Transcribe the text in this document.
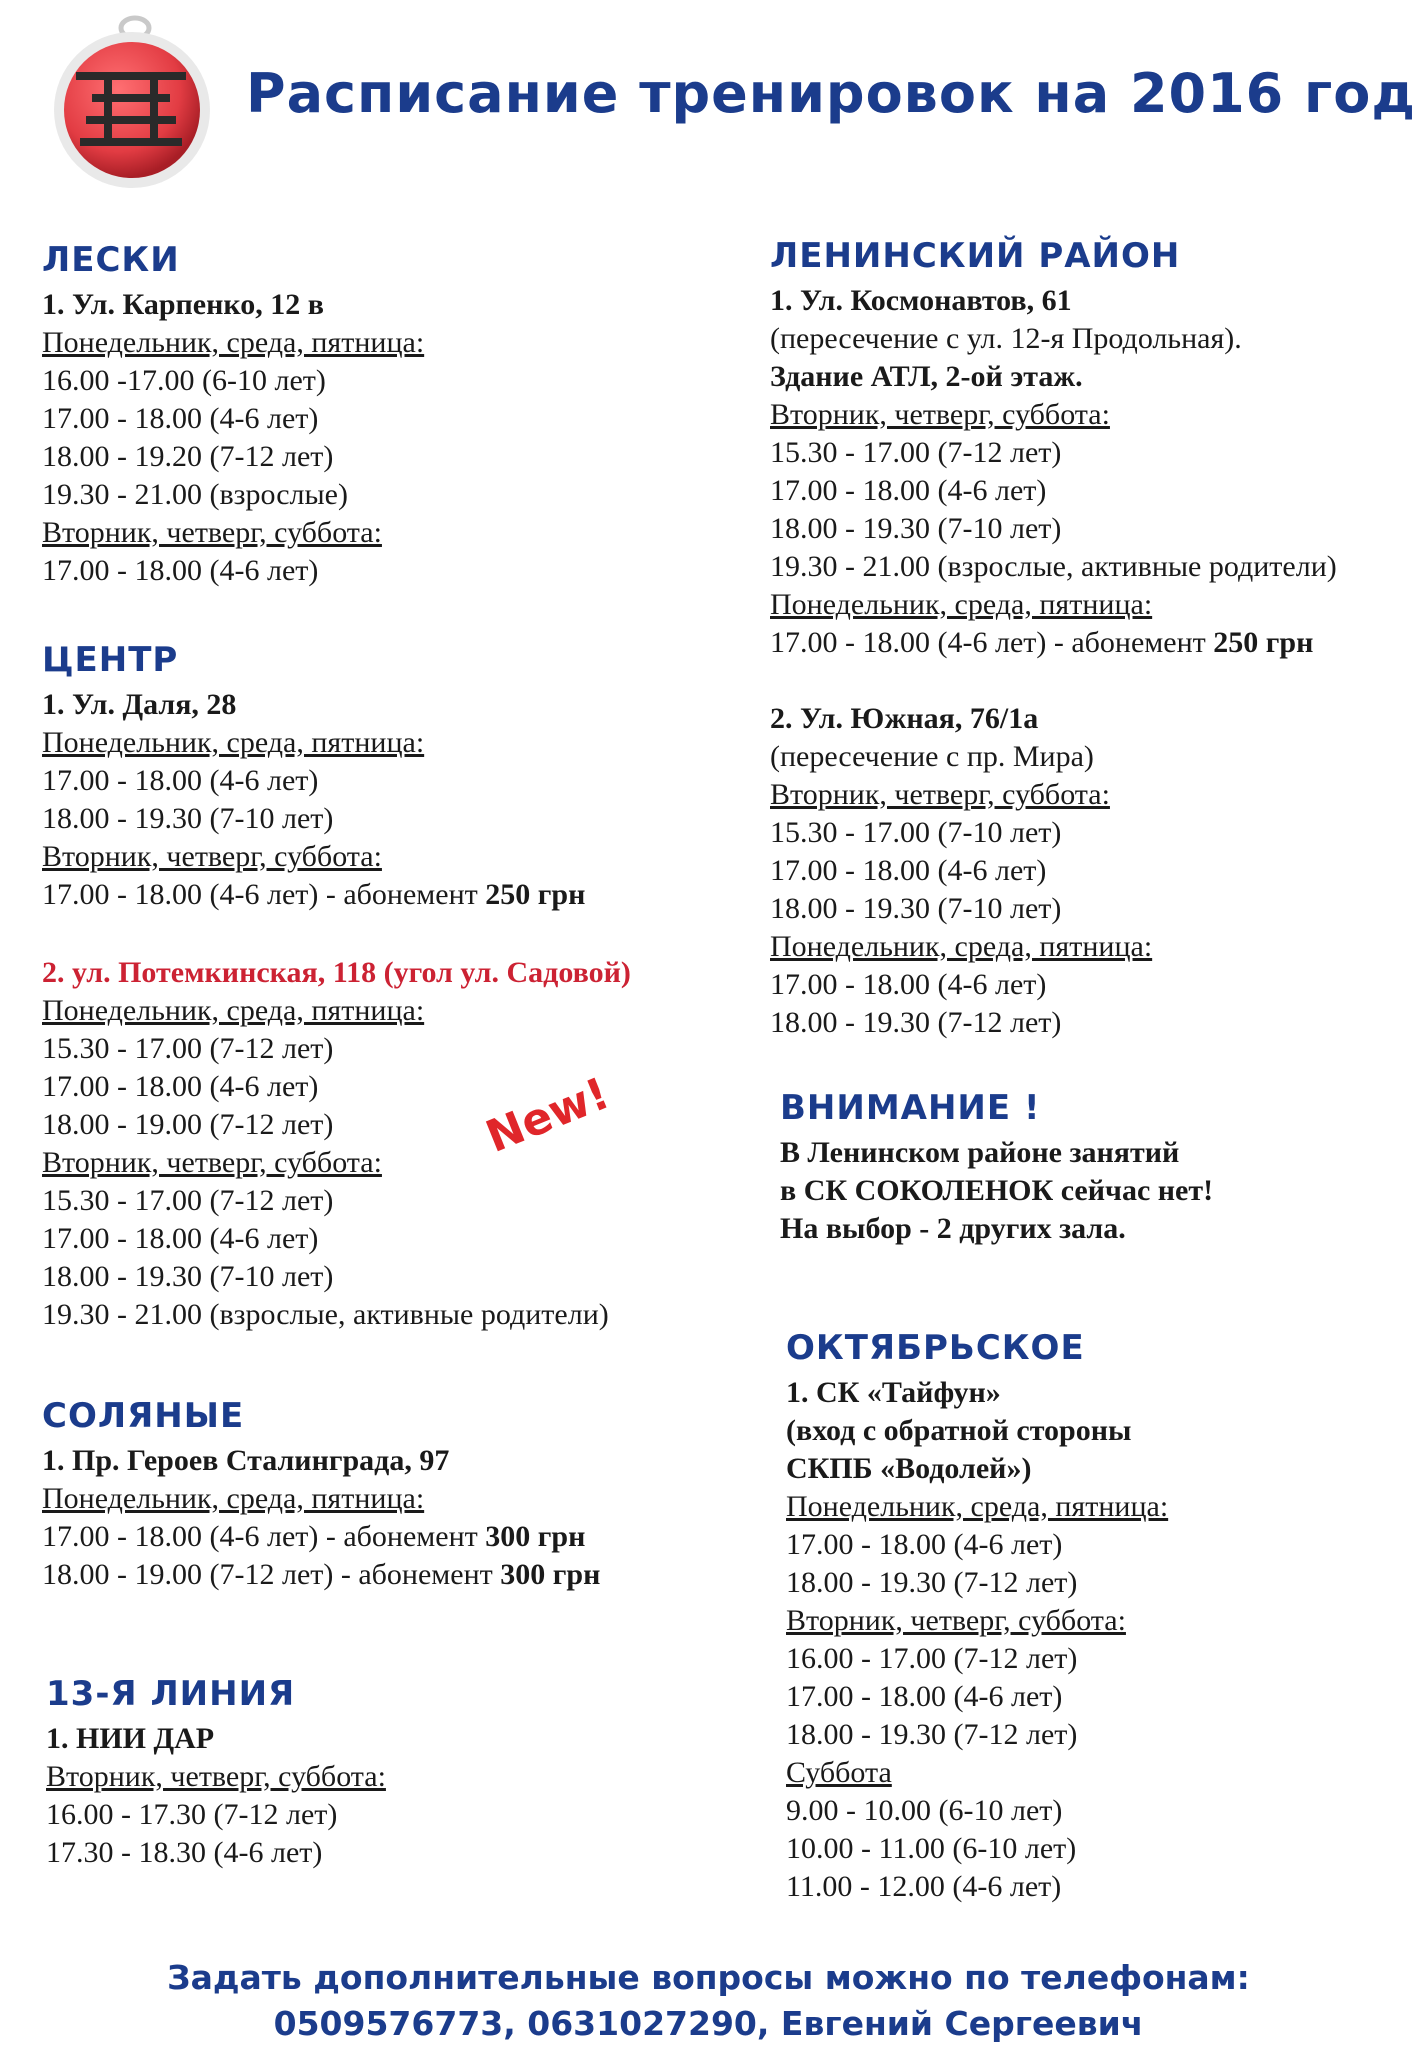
Расписание тренировок на 2016 год
ЛЕСКИ
1. Ул. Карпенко, 12 в
Понедельник, среда, пятница:
16.00 -17.00 (6-10 лет)
17.00 - 18.00 (4-6 лет)
18.00 - 19.20 (7-12 лет)
19.30 - 21.00 (взрослые)
Вторник, четверг, суббота:
17.00 - 18.00 (4-6 лет)
ЦЕНТР
1. Ул. Даля, 28
Понедельник, среда, пятница:
17.00 - 18.00 (4-6 лет)
18.00 - 19.30 (7-10 лет)
Вторник, четверг, суббота:
17.00 - 18.00 (4-6 лет) - абонемент 250 грн
2. ул. Потемкинская, 118 (угол ул. Садовой)
Понедельник, среда, пятница:
15.30 - 17.00 (7-12 лет)
17.00 - 18.00 (4-6 лет)
18.00 - 19.00 (7-12 лет)
Вторник, четверг, суббота:
15.30 - 17.00 (7-12 лет)
17.00 - 18.00 (4-6 лет)
18.00 - 19.30 (7-10 лет)
19.30 - 21.00 (взрослые, активные родители)
New!
СОЛЯНЫЕ
1. Пр. Героев Сталинграда, 97
Понедельник, среда, пятница:
17.00 - 18.00 (4-6 лет) - абонемент 300 грн
18.00 - 19.00 (7-12 лет) - абонемент 300 грн
13-Я ЛИНИЯ
1. НИИ ДАР
Вторник, четверг, суббота:
16.00 - 17.30 (7-12 лет)
17.30 - 18.30 (4-6 лет)
ЛЕНИНСКИЙ РАЙОН
1. Ул. Космонавтов, 61
(пересечение с ул. 12-я Продольная).
Здание АТЛ, 2-ой этаж.
Вторник, четверг, суббота:
15.30 - 17.00 (7-12 лет)
17.00 - 18.00 (4-6 лет)
18.00 - 19.30 (7-10 лет)
19.30 - 21.00 (взрослые, активные родители)
Понедельник, среда, пятница:
17.00 - 18.00 (4-6 лет) - абонемент 250 грн
2. Ул. Южная, 76/1а
(пересечение с пр. Мира)
Вторник, четверг, суббота:
15.30 - 17.00 (7-10 лет)
17.00 - 18.00 (4-6 лет)
18.00 - 19.30 (7-10 лет)
Понедельник, среда, пятница:
17.00 - 18.00 (4-6 лет)
18.00 - 19.30 (7-12 лет)
ВНИМАНИЕ !
В Ленинском районе занятий
в СК СОКОЛЕНОК сейчас нет!
На выбор - 2 других зала.
ОКТЯБРЬСКОЕ
1. СК «Тайфун»
(вход с обратной стороны
СКПБ «Водолей»)
Понедельник, среда, пятница:
17.00 - 18.00 (4-6 лет)
18.00 - 19.30 (7-12 лет)
Вторник, четверг, суббота:
16.00 - 17.00 (7-12 лет)
17.00 - 18.00 (4-6 лет)
18.00 - 19.30 (7-12 лет)
Суббота
9.00 - 10.00 (6-10 лет)
10.00 - 11.00 (6-10 лет)
11.00 - 12.00 (4-6 лет)
Задать дополнительные вопросы можно по телефонам:
0509576773, 0631027290, Евгений Сергеевич
